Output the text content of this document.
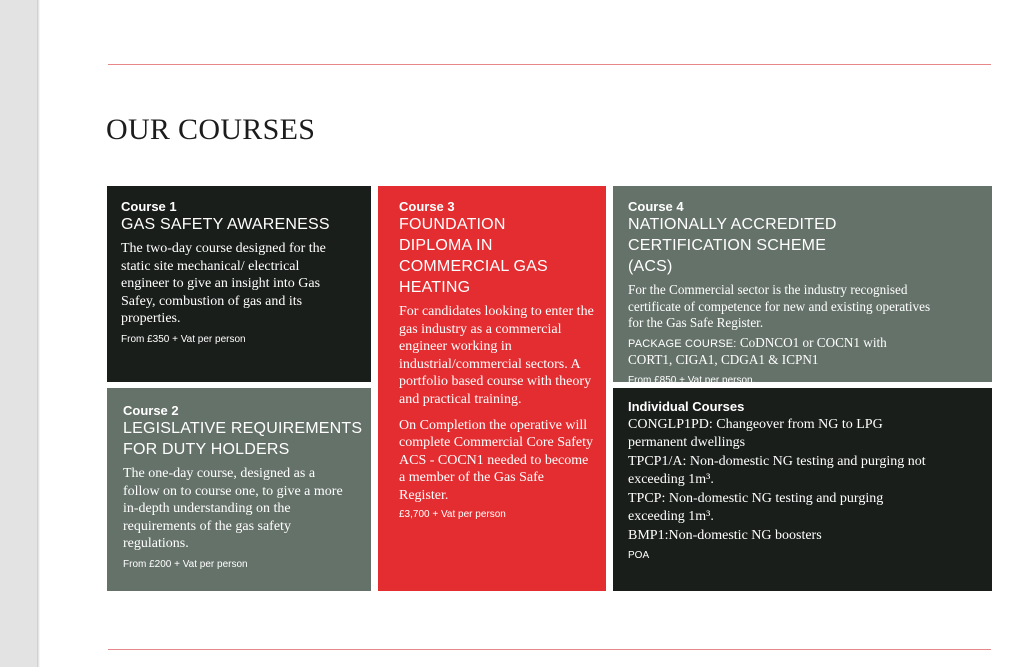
OUR COURSES

Course 1

GAS SAFETY AWARENESS

The two-day course designed for the static site mechanical/ electrical engineer to give an insight into Gas Safey, combustion of gas and its properties.

From £350 + Vat per person

Course 2

LEGISLATIVE REQUIREMENTS FOR DUTY HOLDERS

The one-day course, designed as a follow on to course one, to give a more in-depth understanding on the requirements of the gas safety regulations.

From £200 + Vat per person

Course 3

FOUNDATION DIPLOMA IN COMMERCIAL GAS HEATING

For candidates looking to enter the gas industry as a commercial engineer working in industrial/commercial sectors. A portfolio based course with theory and practical training.

On Completion the operative will complete Commercial Core Safety ACS - COCN1 needed to become a member of the Gas Safe Register.

£3,700 + Vat per person

Course 4

NATIONALLY ACCREDITED CERTIFICATION SCHEME (ACS)

For the Commercial sector is the industry recognised certificate of competence for new and existing operatives for the Gas Safe Register.

PACKAGE COURSE: CoDNCO1 or COCN1 with CORT1, CIGA1, CDGA1 & ICPN1

From £850 + Vat per person.

Individual Courses

CONGLP1PD: Changeover from NG to LPG permanent dwellings

TPCP1/A: Non-domestic NG testing and purging not exceeding 1m³.

TPCP: Non-domestic NG testing and purging exceeding 1m³.

BMP1:Non-domestic NG boosters

POA
